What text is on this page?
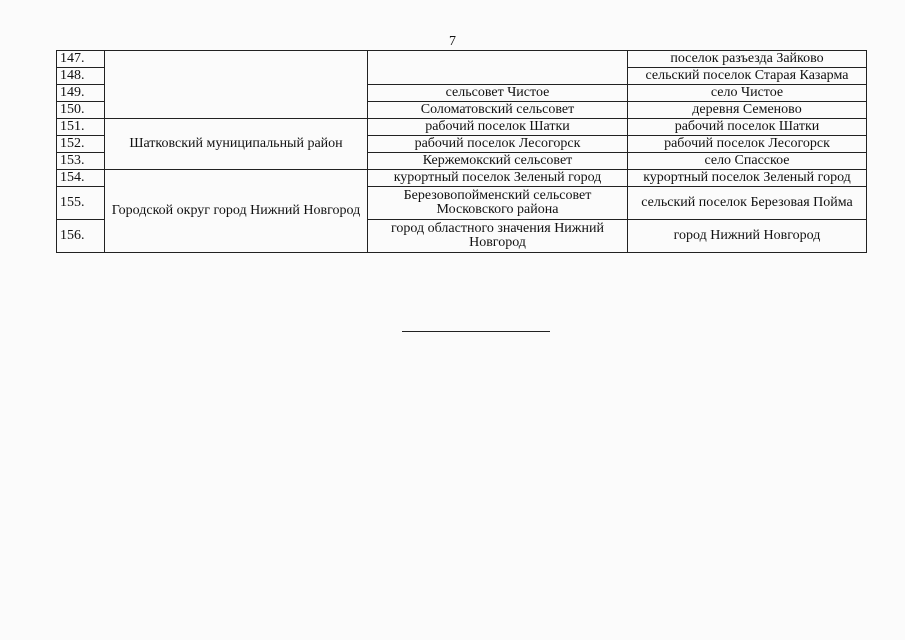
7
147.			поселок разъезда Зайково
148.			сельский поселок Старая Казарма
149.		сельсовет Чистое	село Чистое
150.		Соломатовский сельсовет	деревня Семеново
151.	Шатковский муниципальный район	рабочий поселок Шатки	рабочий поселок Шатки
152.		рабочий поселок Лесогорск	рабочий поселок Лесогорск
153.		Кержемокский сельсовет	село Спасское
154.	Городской округ город Нижний Новгород	курортный поселок Зеленый город	курортный поселок Зеленый город
155.		Березовопойменский сельсовет Московского района	сельский поселок Березовая Пойма
156.		город областного значения Нижний Новгород	город Нижний Новгород
